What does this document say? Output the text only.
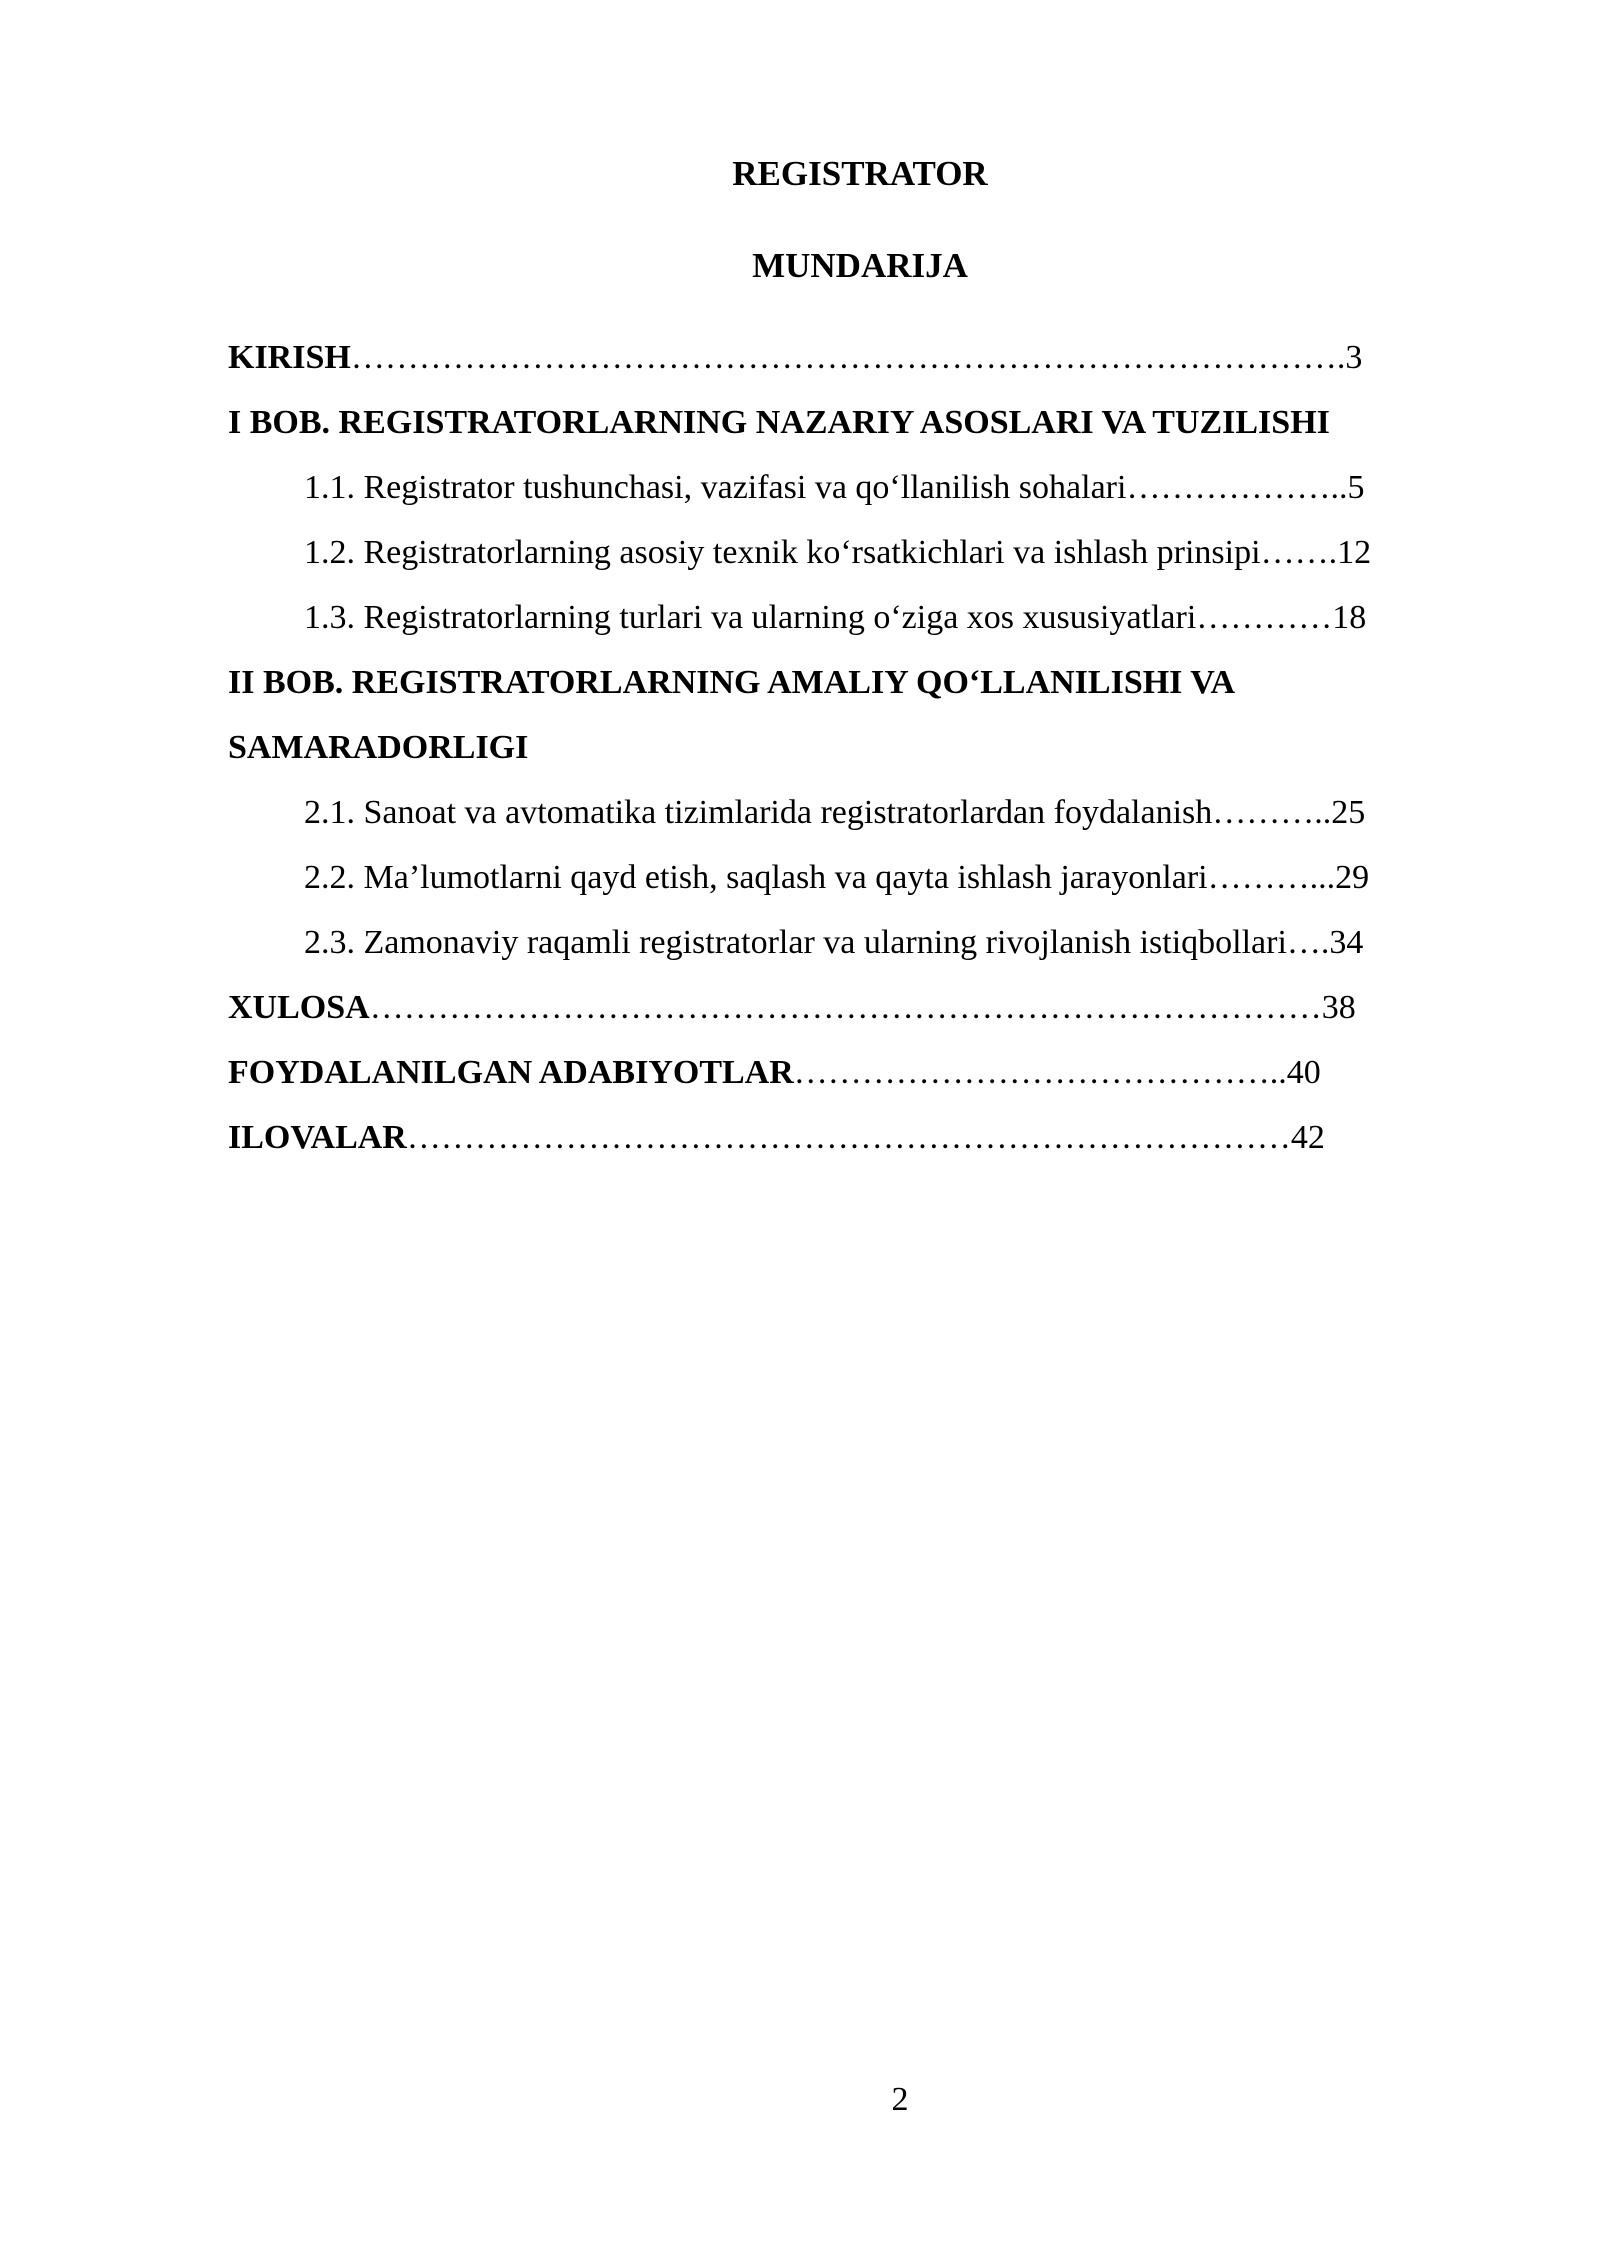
REGISTRATOR
MUNDARIJA
KIRISH…………………………………………………………………………….3
I BOB. REGISTRATORLARNING NAZARIY ASOSLARI VA TUZILISHI
1.1. Registrator tushunchasi, vazifasi va qo‘llanilish sohalari………………..5
1.2. Registratorlarning asosiy texnik ko‘rsatkichlari va ishlash prinsipi…….12
1.3. Registratorlarning turlari va ularning o‘ziga xos xususiyatlari…………18
II BOB. REGISTRATORLARNING AMALIY QO‘LLANILISHI VA
SAMARADORLIGI
2.1. Sanoat va avtomatika tizimlarida registratorlardan foydalanish………..25
2.2. Ma’lumotlarni qayd etish, saqlash va qayta ishlash jarayonlari………...29
2.3. Zamonaviy raqamli registratorlar va ularning rivojlanish istiqbollari….34
XULOSA…………………………………………………………………………38
FOYDALANILGAN ADABIYOTLAR……………………………………..40
ILOVALAR……………………………………………………………………42
2
